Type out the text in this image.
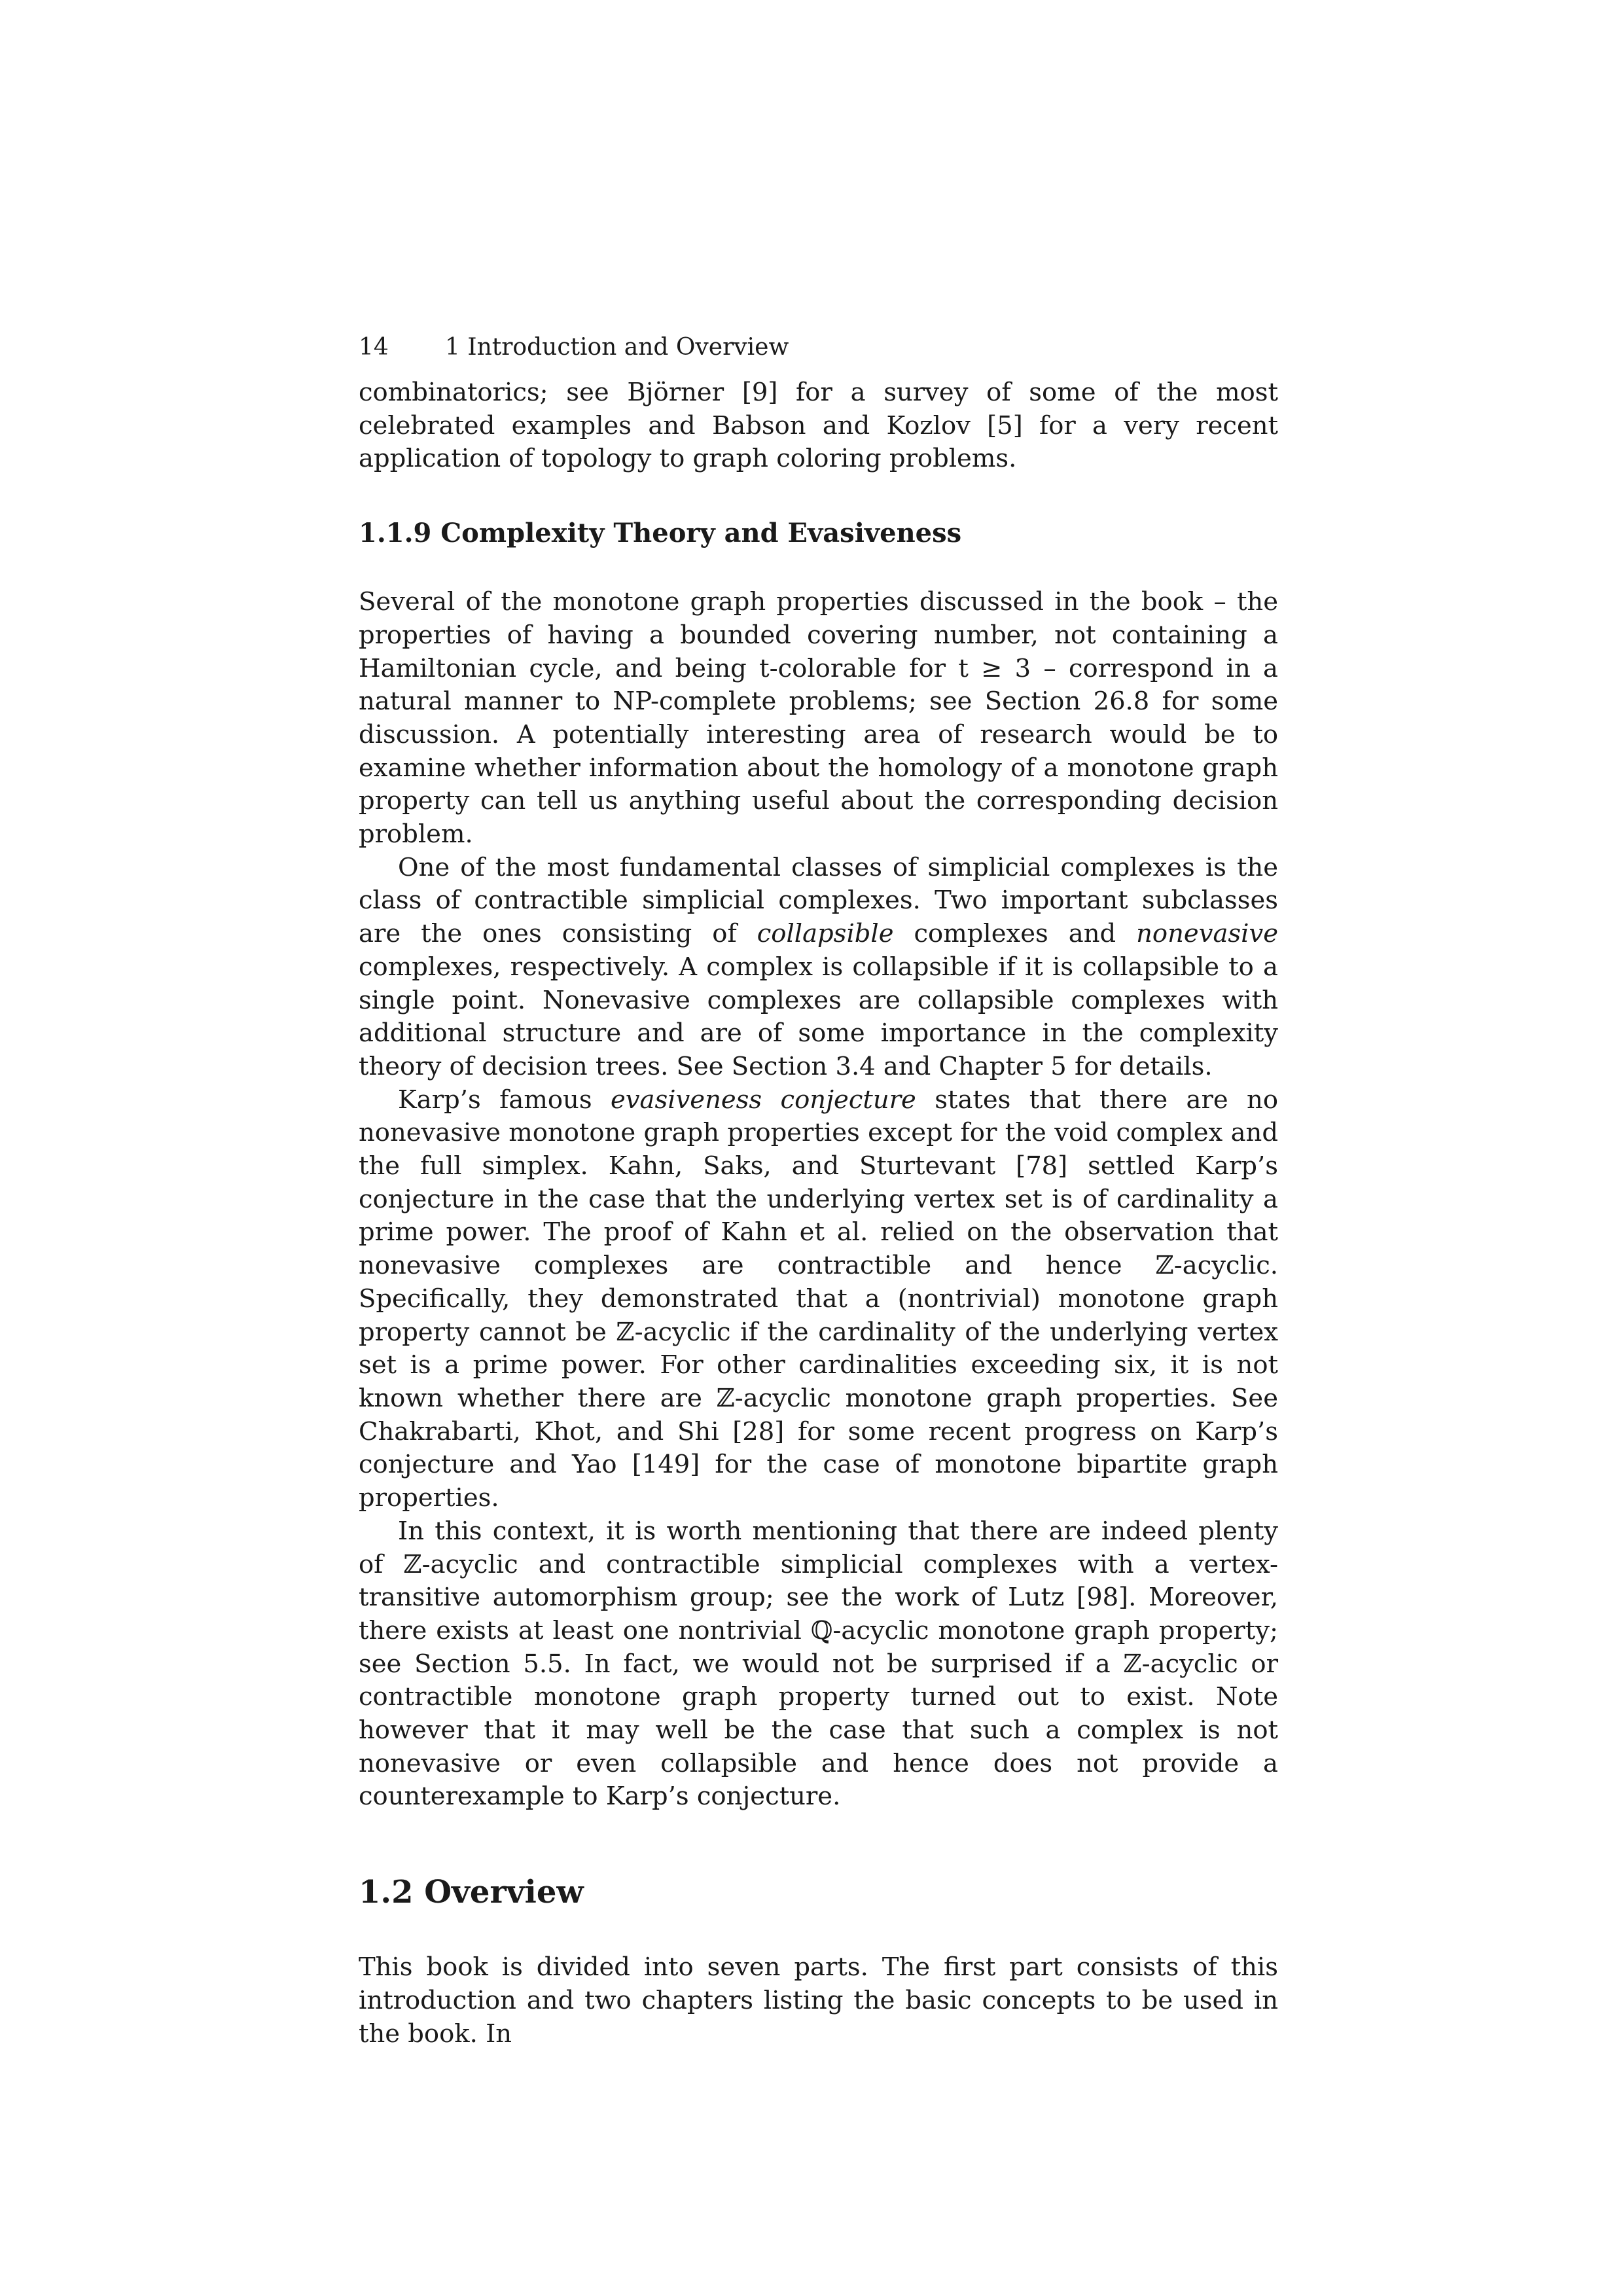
14	1 Introduction and Overview

combinatorics; see Björner [9] for a survey of some of the most celebrated examples and Babson and Kozlov [5] for a very recent application of topology to graph coloring problems.

1.1.9 Complexity Theory and Evasiveness

Several of the monotone graph properties discussed in the book – the properties of having a bounded covering number, not containing a Hamiltonian cycle, and being t-colorable for t ≥ 3 – correspond in a natural manner to NP-complete problems; see Section 26.8 for some discussion. A potentially interesting area of research would be to examine whether information about the homology of a monotone graph property can tell us anything useful about the corresponding decision problem.

One of the most fundamental classes of simplicial complexes is the class of contractible simplicial complexes. Two important subclasses are the ones consisting of collapsible complexes and nonevasive complexes, respectively. A complex is collapsible if it is collapsible to a single point. Nonevasive complexes are collapsible complexes with additional structure and are of some importance in the complexity theory of decision trees. See Section 3.4 and Chapter 5 for details.

Karp’s famous evasiveness conjecture states that there are no nonevasive monotone graph properties except for the void complex and the full simplex. Kahn, Saks, and Sturtevant [78] settled Karp’s conjecture in the case that the underlying vertex set is of cardinality a prime power. The proof of Kahn et al. relied on the observation that nonevasive complexes are contractible and hence ℤ-acyclic. Specifically, they demonstrated that a (nontrivial) monotone graph property cannot be ℤ-acyclic if the cardinality of the underlying vertex set is a prime power. For other cardinalities exceeding six, it is not known whether there are ℤ-acyclic monotone graph properties. See Chakrabarti, Khot, and Shi [28] for some recent progress on Karp’s conjecture and Yao [149] for the case of monotone bipartite graph properties.

In this context, it is worth mentioning that there are indeed plenty of ℤ-acyclic and contractible simplicial complexes with a vertex-transitive automorphism group; see the work of Lutz [98]. Moreover, there exists at least one nontrivial ℚ-acyclic monotone graph property; see Section 5.5. In fact, we would not be surprised if a ℤ-acyclic or contractible monotone graph property turned out to exist. Note however that it may well be the case that such a complex is not nonevasive or even collapsible and hence does not provide a counterexample to Karp’s conjecture.

1.2 Overview

This book is divided into seven parts. The first part consists of this introduction and two chapters listing the basic concepts to be used in the book. In
